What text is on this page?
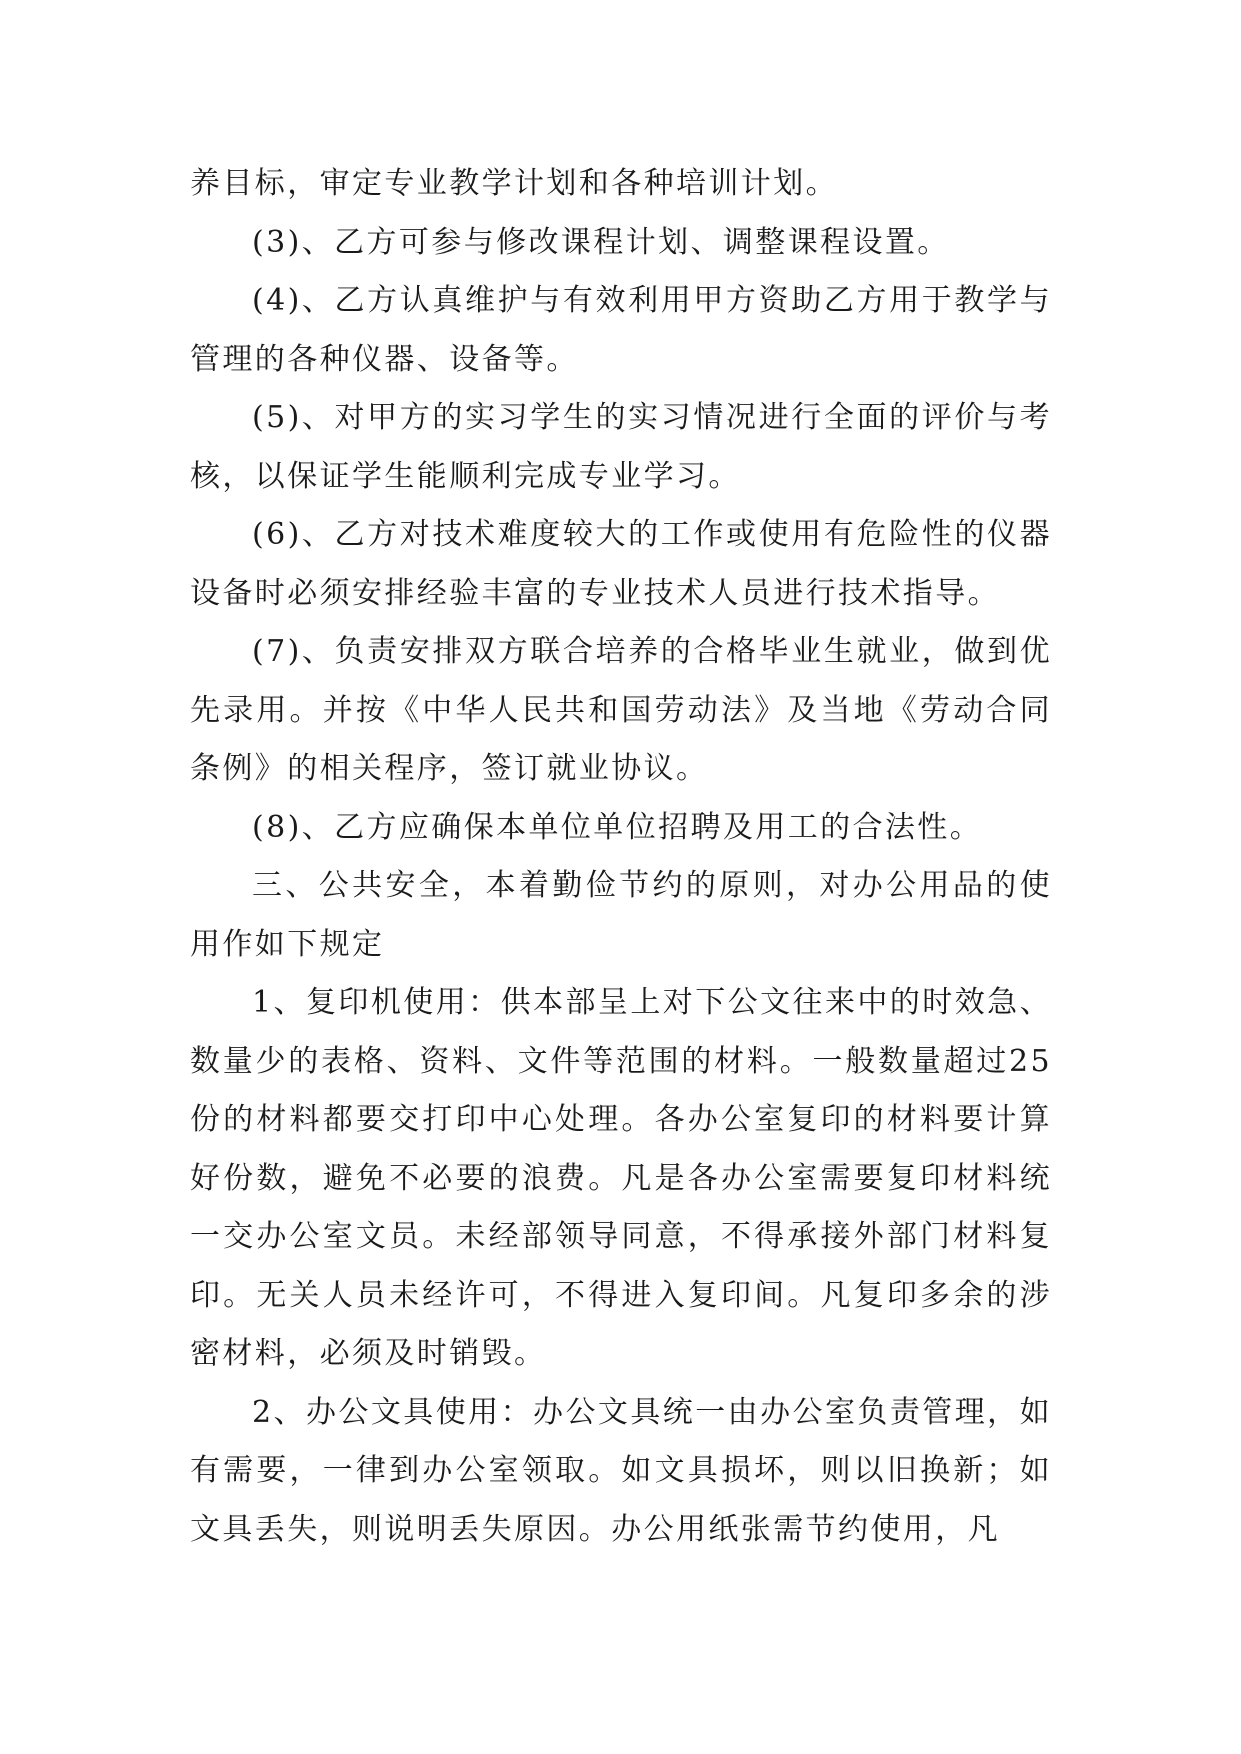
养目标，审定专业教学计划和各种培训计划。

(3)、乙方可参与修改课程计划、调整课程设置。

(4)、乙方认真维护与有效利用甲方资助乙方用于教学与管理的各种仪器、设备等。

(5)、对甲方的实习学生的实习情况进行全面的评价与考核，以保证学生能顺利完成专业学习。

(6)、乙方对技术难度较大的工作或使用有危险性的仪器设备时必须安排经验丰富的专业技术人员进行技术指导。

(7)、负责安排双方联合培养的合格毕业生就业，做到优先录用。并按《中华人民共和国劳动法》及当地《劳动合同条例》的相关程序，签订就业协议。

(8)、乙方应确保本单位单位招聘及用工的合法性。

三、公共安全，本着勤俭节约的原则，对办公用品的使用作如下规定

1、复印机使用：供本部呈上对下公文往来中的时效急、数量少的表格、资料、文件等范围的材料。一般数量超过25份的材料都要交打印中心处理。各办公室复印的材料要计算好份数，避免不必要的浪费。凡是各办公室需要复印材料统一交办公室文员。未经部领导同意，不得承接外部门材料复印。无关人员未经许可，不得进入复印间。凡复印多余的涉密材料，必须及时销毁。

2、办公文具使用：办公文具统一由办公室负责管理，如有需要，一律到办公室领取。如文具损坏，则以旧换新；如文具丢失，则说明丢失原因。办公用纸张需节约使用，凡
